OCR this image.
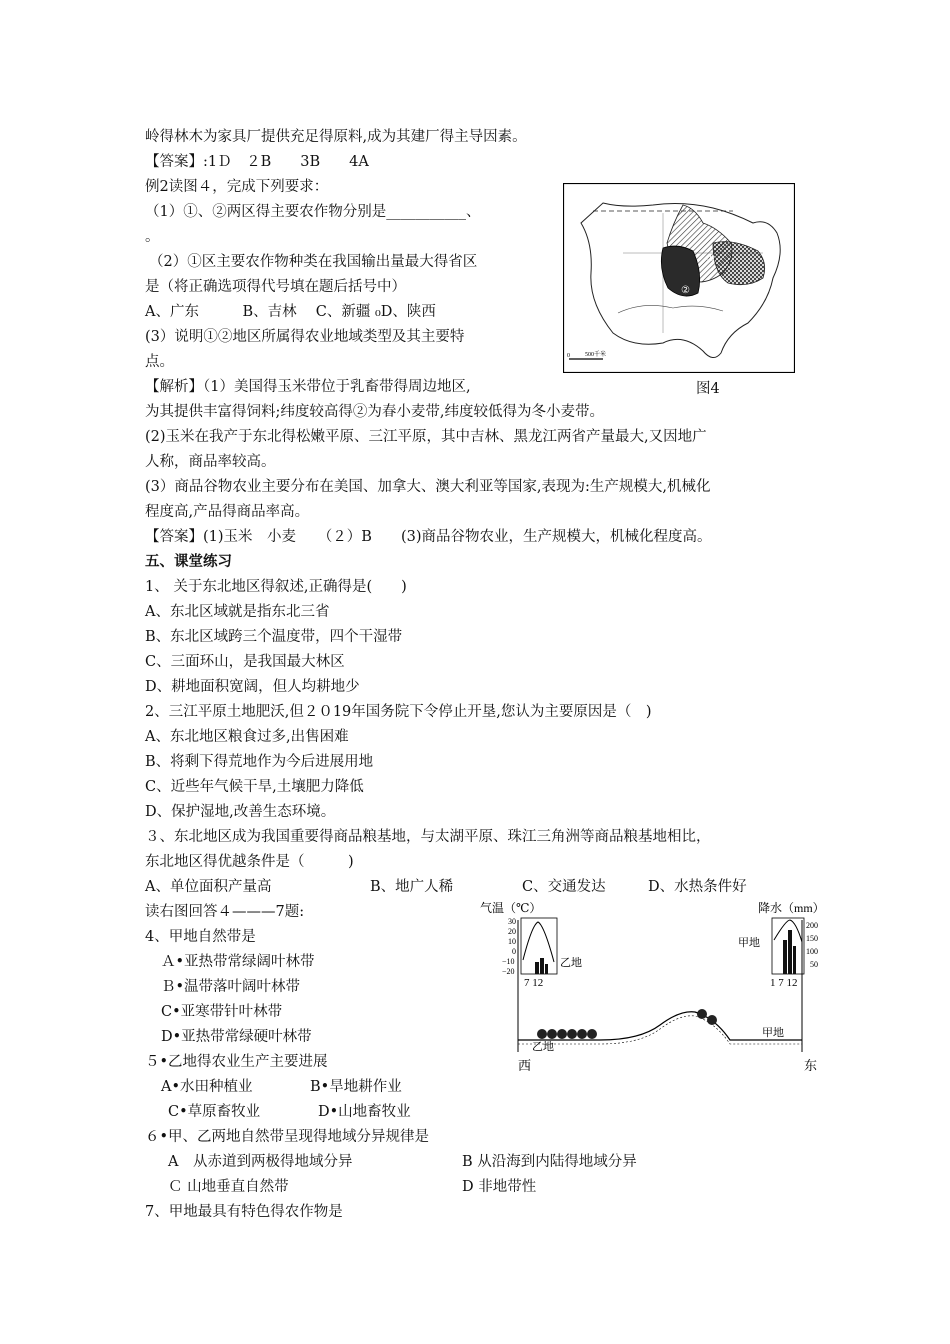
岭得林木为家具厂提供充足得原料,成为其建厂得主导因素。
【答案】:1Ｄ　２B　　3B　　4A
例2读图４，完成下列要求：
（1）①、②两区得主要农作物分别是___________、
。
（2）①区主要农作物种类在我国输出量最大得省区
是（将正确选项得代号填在题后括号中）
A、广东　　　B、吉林　 C、新疆 ₀D、陕西
(3）说明①②地区所属得农业地域类型及其主要特
点。
【解析】（1）美国得玉米带位于乳畜带得周边地区,
为其提供丰富得饲料;纬度较高得②为春小麦带,纬度较低得为冬小麦带。
(2)玉米在我产于东北得松嫩平原、三江平原，其中吉林、黑龙江两省产量最大,又因地广
人称，商品率较高。
(3）商品谷物农业主要分布在美国、加拿大、澳大利亚等国家,表现为:生产规模大,机械化
程度高,产品得商品率高。
【答案】(1)玉米　小麦　　（２）B　　(3)商品谷物农业，生产规模大，机械化程度高。
五、课堂练习
1、 关于东北地区得叙述,正确得是(　　)
A、东北区域就是指东北三省
B、东北区域跨三个温度带，四个干湿带
C、三面环山，是我国最大林区
D、耕地面积宽阔，但人均耕地少
2、三江平原土地肥沃,但２０19年国务院下令停止开垦,您认为主要原因是（　)
A、东北地区粮食过多,出售困难
B、将剩下得荒地作为今后进展用地
C、近些年气候干旱,土壤肥力降低
D、保护湿地,改善生态环境。
３、东北地区成为我国重要得商品粮基地，与太湖平原、珠江三角洲等商品粮基地相比，
东北地区得优越条件是（　　　)
A、单位面积产量高	B、地广人稀	C、交通发达	D、水热条件好
读右图回答４———7题:
4、甲地自然带是
Ａ•亚热带常绿阔叶林带
Ｂ•温带落叶阔叶林带
C•亚寒带针叶林带
D•亚热带常绿硬叶林带
５•乙地得农业生产主要进展
A•水田种植业	B•旱地耕作业
C•草原畜牧业	D•山地畜牧业
６•甲、乙两地自然带呈现得地域分异规律是
A　从赤道到两极得地域分异	B 从沿海到内陆得地域分异
Ｃ 山地垂直自然带	D 非地带性
7、甲地最具有特色得农作物是
①
②
0	500千米
图4
气温（℃）	降水（mm）
30
20
10
0
−10
−20
乙地
7 12
甲地
200
150
100
50
1 7 12
乙地
甲地
西	东
